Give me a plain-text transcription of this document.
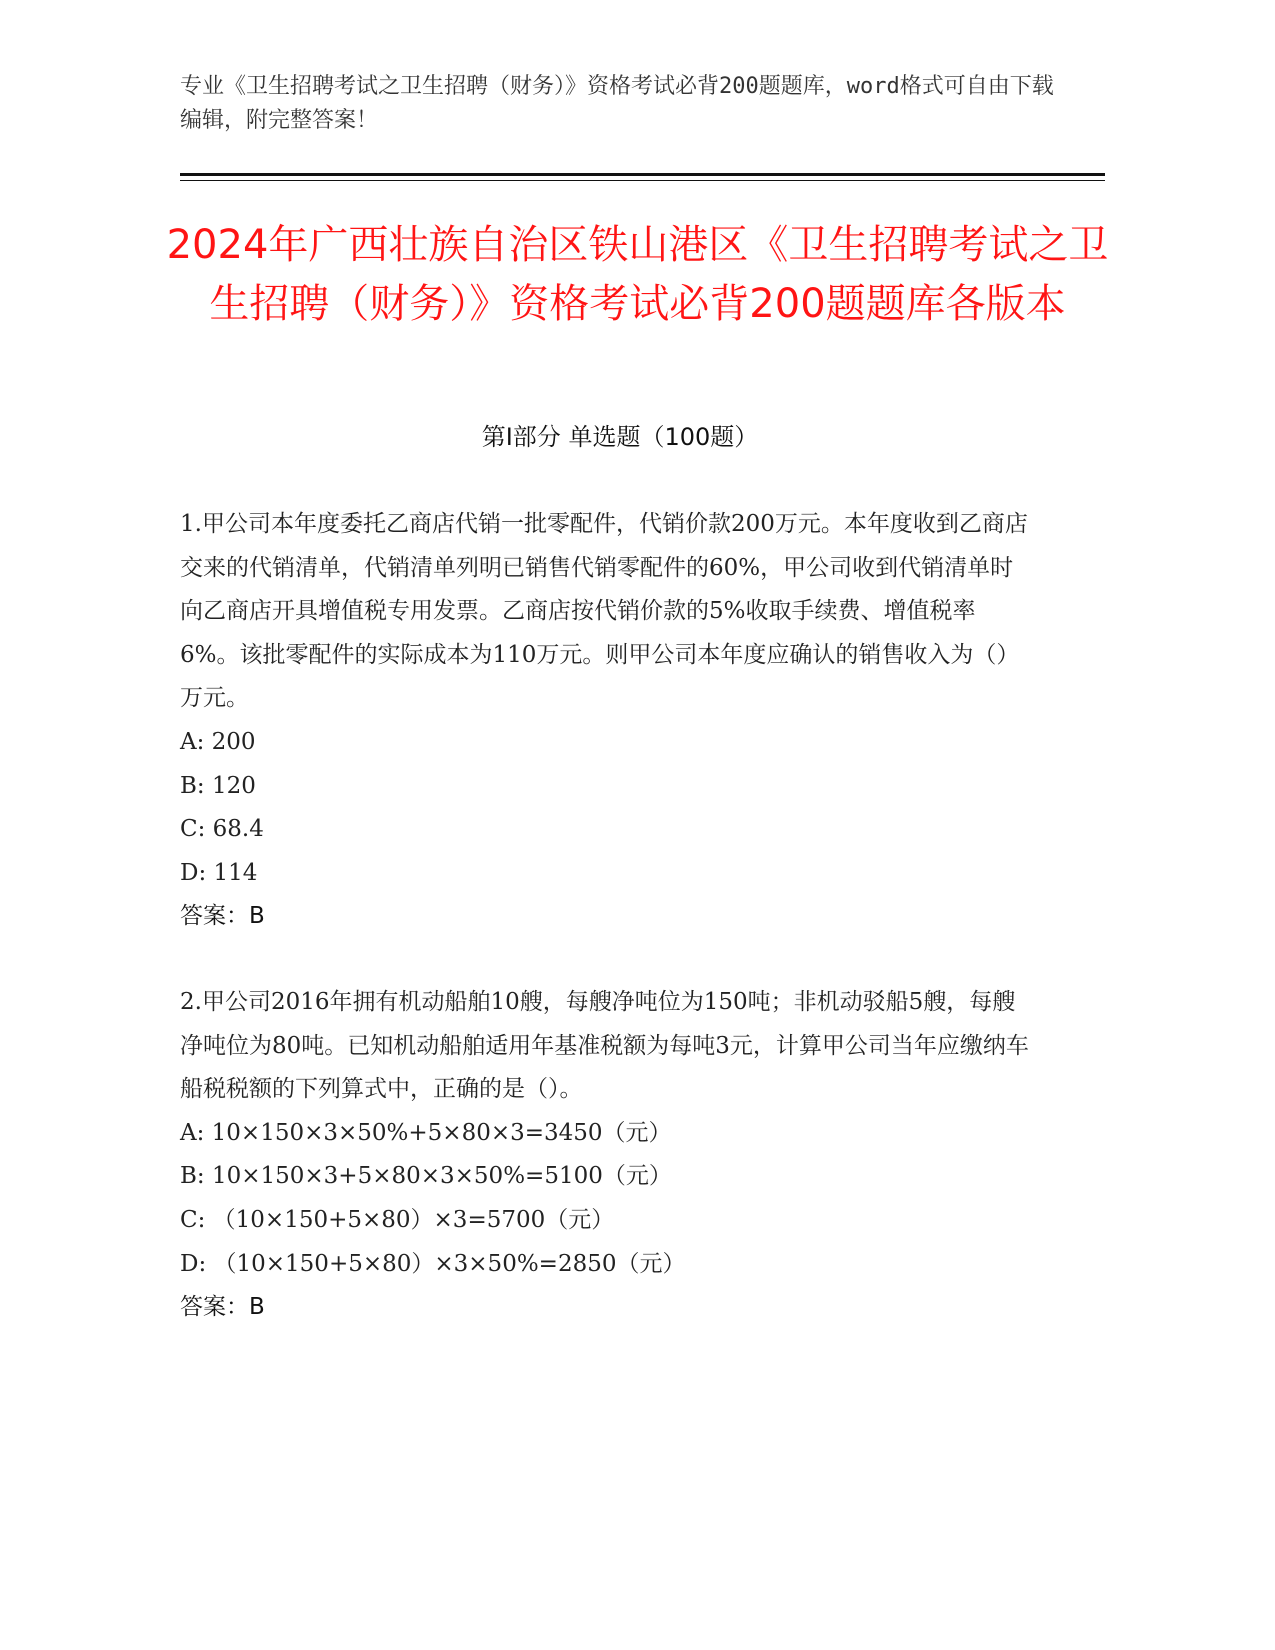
专业《卫生招聘考试之卫生招聘（财务）》资格考试必背200题题库，word格式可自由下载编辑，附完整答案！
2024年广西壮族自治区铁山港区《卫生招聘考试之卫生招聘（财务）》资格考试必背200题题库各版本
第I部分 单选题（100题）

1.甲公司本年度委托乙商店代销一批零配件，代销价款200万元。本年度收到乙商店交来的代销清单，代销清单列明已销售代销零配件的60%，甲公司收到代销清单时向乙商店开具增值税专用发票。乙商店按代销价款的5%收取手续费、增值税率6%。该批零配件的实际成本为110万元。则甲公司本年度应确认的销售收入为（）万元。

A: 200

B: 120

C: 68.4

D: 114

答案：B

2.甲公司2016年拥有机动船舶10艘，每艘净吨位为150吨；非机动驳船5艘，每艘净吨位为80吨。已知机动船舶适用年基准税额为每吨3元，计算甲公司当年应缴纳车船税税额的下列算式中，正确的是（）。

A: 10×150×3×50%+5×80×3=3450（元）

B: 10×150×3+5×80×3×50%=5100（元）

C: （10×150+5×80）×3=5700（元）

D: （10×150+5×80）×3×50%=2850（元）

答案：B
